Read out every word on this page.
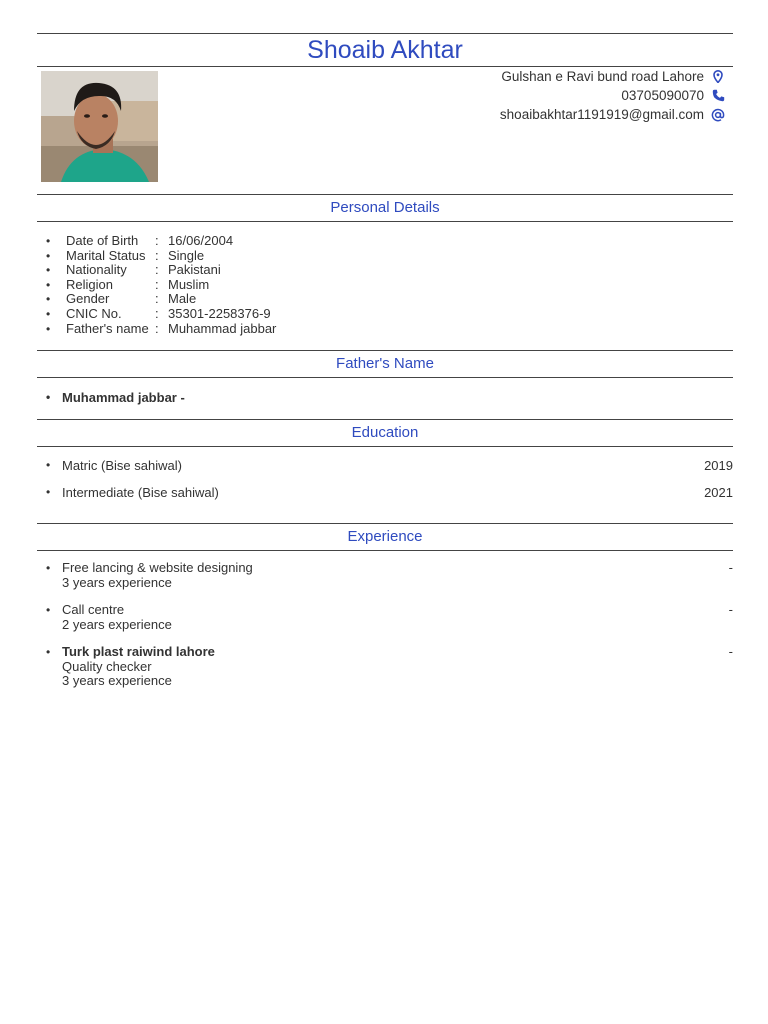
Shoaib Akhtar
Gulshan e Ravi bund road Lahore
03705090070
shoaibakhtar1191919@gmail.com
Personal Details
• Date of Birth : 16/06/2004
• Marital Status : Single
• Nationality : Pakistani
• Religion	: Muslim
• Gender	: Male
• CNIC No.	: 35301-2258376-9
• Father's name : Muhammad jabbar
Father's Name
• Muhammad jabbar -
Education
• Matric (Bise sahiwal)	2019
• Intermediate (Bise sahiwal)	2021
Experience
• Free lancing & website designing	-
3 years experience
• Call centre	-
2 years experience
• Turk plast raiwind lahore	-
Quality checker
3 years experience
